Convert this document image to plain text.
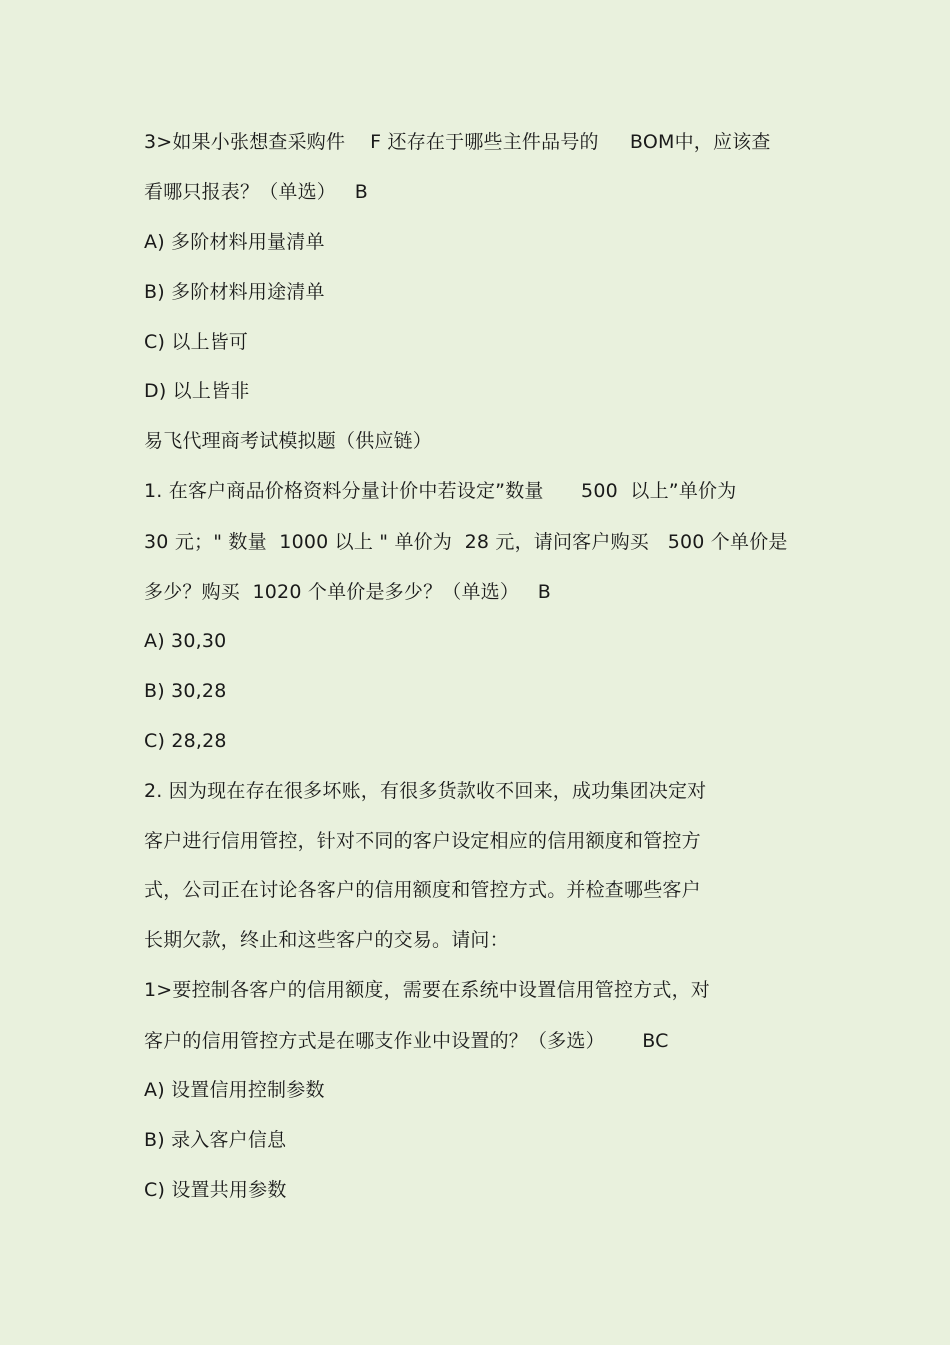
3>如果小张想查采购件    F 还存在于哪些主件品号的     BOM中，应该查
看哪只报表？（单选）   B
A) 多阶材料用量清单
B) 多阶材料用途清单
C) 以上皆可
D) 以上皆非
易飞代理商考试模拟题（供应链）
1. 在客户商品价格资料分量计价中若设定”数量      500  以上”单价为
30 元；" 数量  1000 以上 " 单价为  28 元，请问客户购买   500 个单价是
多少？购买  1020 个单价是多少？（单选）   B
A) 30,30
B) 30,28
C) 28,28
2. 因为现在存在很多坏账，有很多货款收不回来，成功集团决定对
客户进行信用管控，针对不同的客户设定相应的信用额度和管控方
式，公司正在讨论各客户的信用额度和管控方式。并检查哪些客户
长期欠款，终止和这些客户的交易。请问：
1>要控制各客户的信用额度，需要在系统中设置信用管控方式，对
客户的信用管控方式是在哪支作业中设置的？（多选）      BC
A) 设置信用控制参数
B) 录入客户信息
C) 设置共用参数
